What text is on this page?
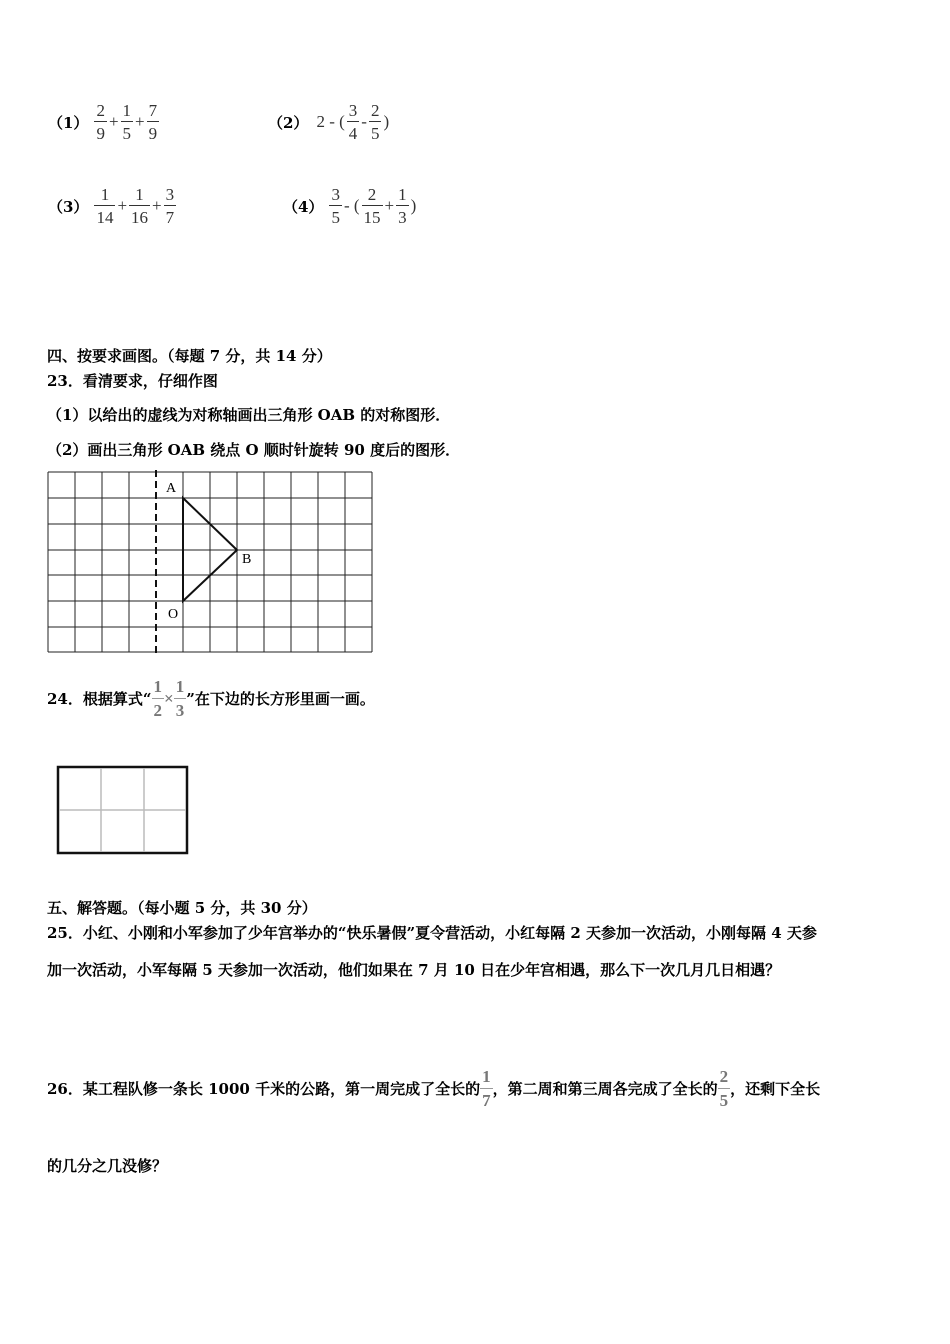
$(1) \frac{2}{9} + \frac{1}{5} + \frac{7}{9}$	（2） 2 - ( $\frac{3}{4} - \frac{2}{5}$ )
$(3) \frac{1}{14} + \frac{1}{16} + \frac{3}{7}$	$(4) \frac{3}{5}$ - ( $\frac{2}{15} + \frac{1}{3}$ )
四、按要求画图。（每题 7 分，共 14 分）
23．看清要求，仔细作图
（1）以给出的虚线为对称轴画出三角形 OAB 的对称图形．
（2）画出三角形 OAB 绕点 O 顺时针旋转 90 度后的图形．
A
B
O
24．根据算式“ $\frac{1}{2} \times \frac{1}{3}$ ”在下边的长方形里画一画。
五、解答题。（每小题 5 分，共 30 分）
25．小红、小刚和小军参加了少年宫举办的“快乐暑假”夏令营活动，小红每隔 2 天参加一次活动，小刚每隔 4 天参
加一次活动，小军每隔 5 天参加一次活动，他们如果在 7 月 10 日在少年宫相遇，那么下一次几月几日相遇？
26．某工程队修一条长 1000 千米的公路，第一周完成了全长的
1
7
，第二周和第三周各完成了全长的
2
5
，还剩下全长
的几分之几没修？
